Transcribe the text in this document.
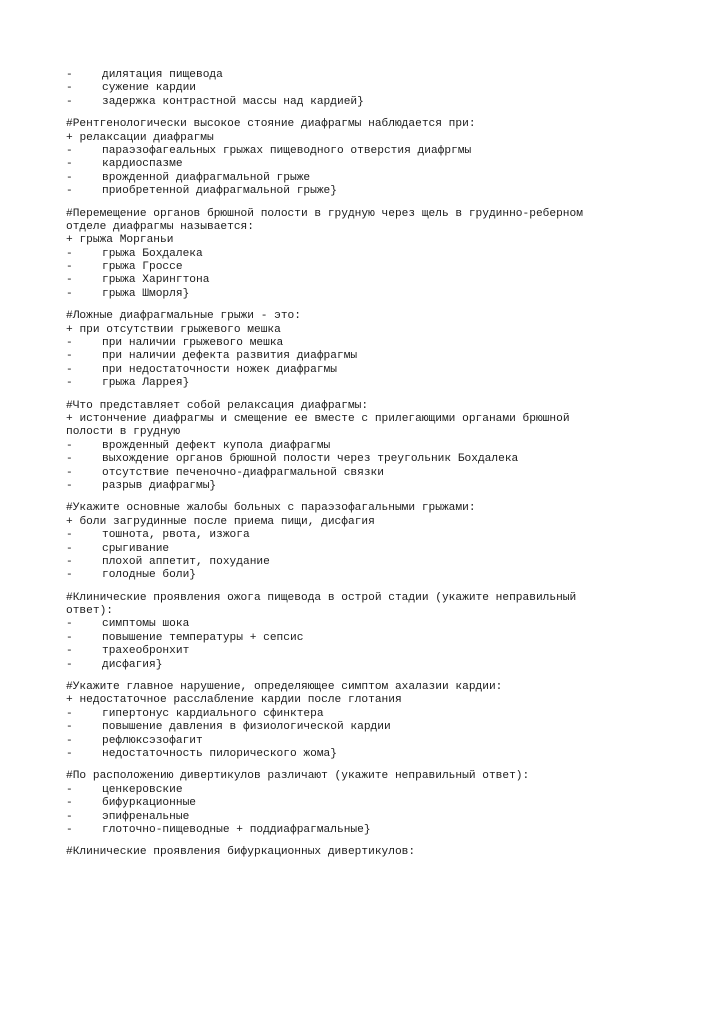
-	дилятация пищевода
-	сужение кардии
-	задержка контрастной массы над кардией}
#Рентгенологически высокое стояние диафрагмы наблюдается при:
+ релаксации диафрагмы
-	параэзофагеальных грыжах пищеводного отверстия диафргмы
-	кардиоспазме
-	врожденной диафрагмальной грыже
-	приобретенной диафрагмальной грыже}
#Перемещение органов брюшной полости в грудную через щель в грудинно-реберном
отделе диафрагмы называется:
+ грыжа Морганьи
-	грыжа Бохдалека
-	грыжа Гроссе
-	грыжа Харингтона
-	грыжа Шморля}
#Ложные диафрагмальные грыжи - это:
+ при отсутствии грыжевого мешка
-	при наличии грыжевого мешка
-	при наличии дефекта развития диафрагмы
-	при недостаточности ножек диафрагмы
-	грыжа Ларрея}
#Что представляет собой релаксация диафрагмы:
+ истончение диафрагмы и смещение ее вместе с прилегающими органами брюшной
полости в грудную
-	врожденный дефект купола диафрагмы
-	выхождение органов брюшной полости через треугольник Бохдалека
-	отсутствие печеночно-диафрагмальной связки
-	разрыв диафрагмы}
#Укажите основные жалобы больных с параэзофагальными грыжами:
+ боли загрудинные после приема пищи, дисфагия
-	тошнота, рвота, изжога
-	срыгивание
-	плохой аппетит, похудание
-	голодные боли}
#Клинические проявления ожога пищевода в острой стадии (укажите неправильный
ответ):
-	симптомы шока
-	повышение температуры + сепсис
-	трахеобронхит
-	дисфагия}
#Укажите главное нарушение, определяющее симптом ахалазии кардии:
+ недостаточное расслабление кардии после глотания
-	гипертонус кардиального сфинктера
-	повышение давления в физиологической кардии
-	рефлюксэзофагит
-	недостаточность пилорического жома}
#По расположению дивертикулов различают (укажите неправильный ответ):
-	ценкеровские
-	бифуркационные
-	эпифренальные
-	глоточно-пищеводные + поддиафрагмальные}
#Клинические проявления бифуркационных дивертикулов:
